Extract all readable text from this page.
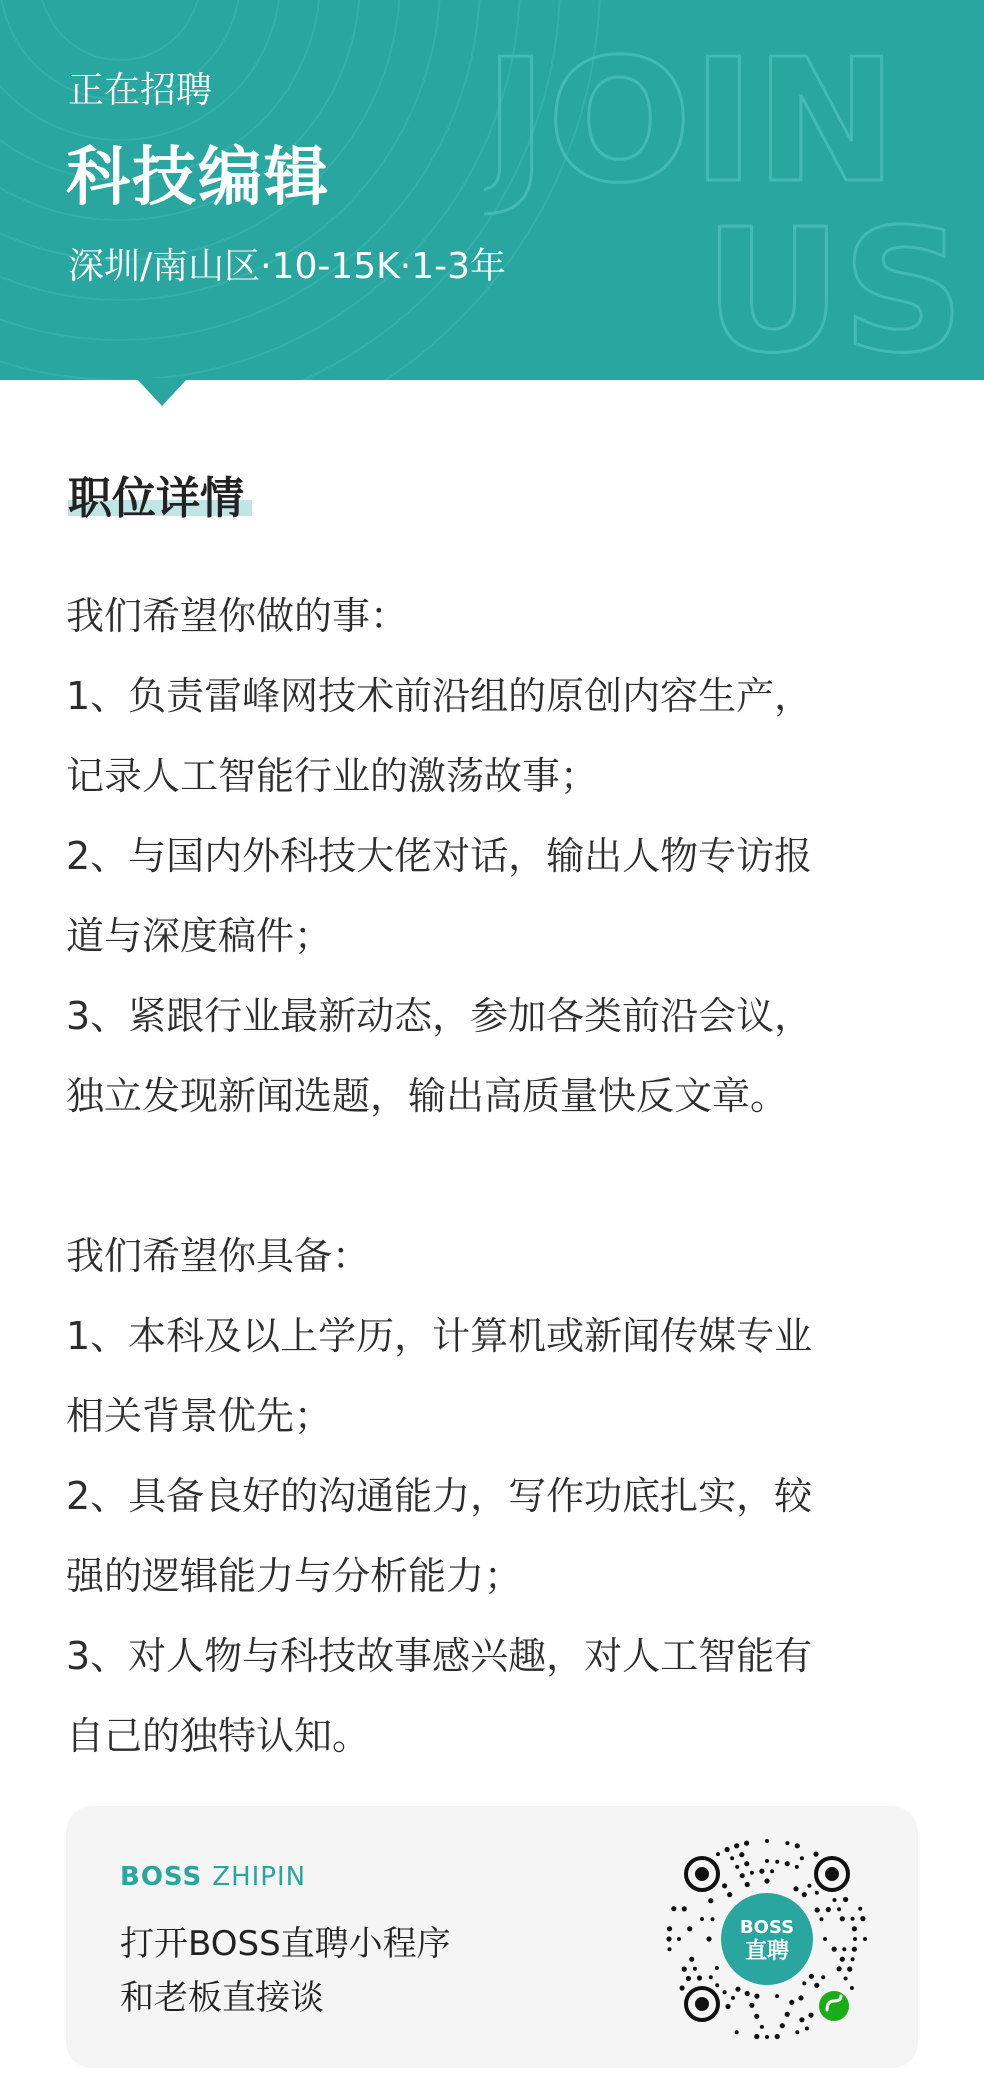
JOIN
US
正在招聘
科技编辑
深圳/南山区·10-15K·1-3年
职位详情
我们希望你做的事：
1、负责雷峰网技术前沿组的原创内容生产，
记录人工智能行业的激荡故事；
2、与国内外科技大佬对话，输出人物专访报
道与深度稿件；
3、紧跟行业最新动态，参加各类前沿会议，
独立发现新闻选题，输出高质量快反文章。
我们希望你具备：
1、本科及以上学历，计算机或新闻传媒专业
相关背景优先；
2、具备良好的沟通能力，写作功底扎实，较
强的逻辑能力与分析能力；
3、对人物与科技故事感兴趣，对人工智能有
自己的独特认知。
BOSS ZHIPIN
打开BOSS直聘小程序
和老板直接谈
BOSS
直聘
